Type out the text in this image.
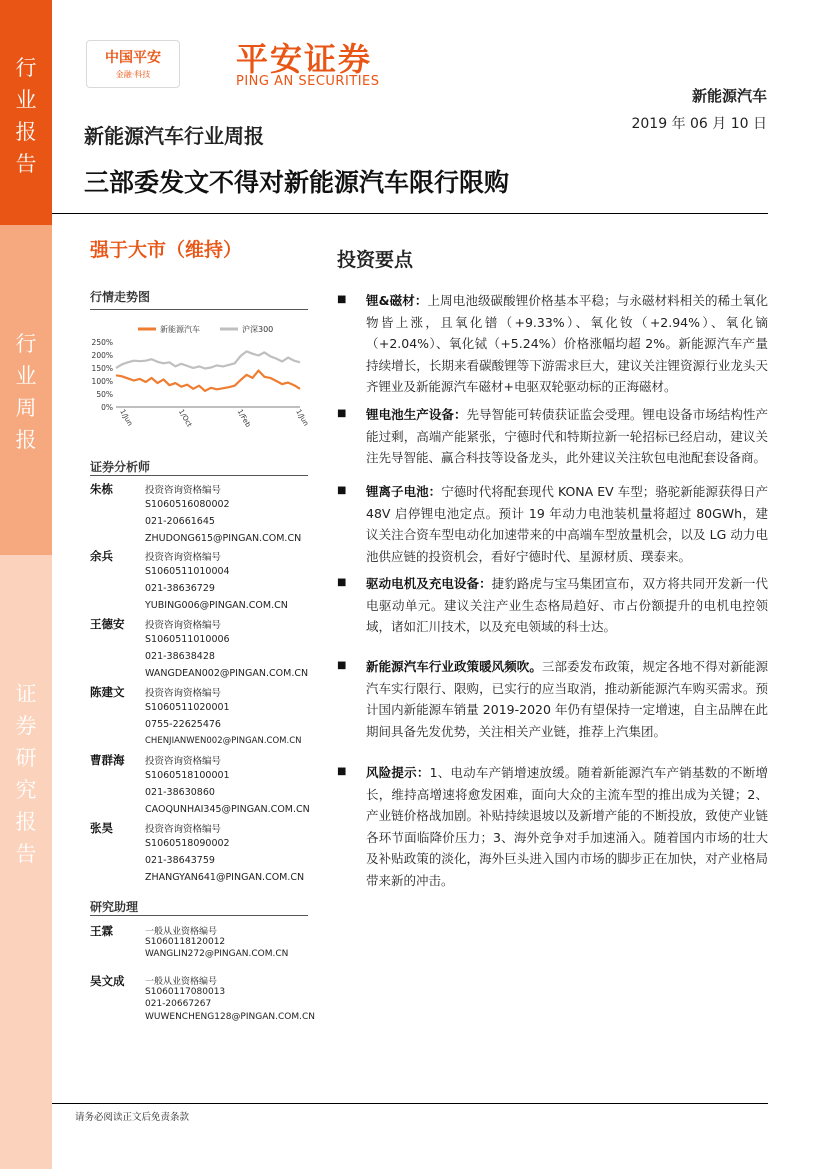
行
业
报
告
行
业
周
报
证
券
研
究
报
告
中国平安
金融·科技	平安证券
PING AN SECURITIES
新能源汽车
新能源汽车行业周报	2019 年 06 月 10 日
三部委发文不得对新能源汽车限行限购
强于大市（维持）
行情走势图
新能源汽车	沪深300
250%
200%
150%
100%
50%
0%
1/Jun	1/Oct	1/Feb	1/Jun
证券分析师
朱栋	投资咨询资格编号
S1060516080002
021-20661645
ZHUDONG615@PINGAN.COM.CN
余兵	投资咨询资格编号
S1060511010004
021-38636729
YUBING006@PINGAN.COM.CN
王德安 投资咨询资格编号
S1060511010006
021-38638428
WANGDEAN002@PINGAN.COM.CN
陈建文 投资咨询资格编号
S1060511020001
0755-22625476
CHENJIANWEN002@PINGAN.COM.CN
曹群海 投资咨询资格编号
S1060518100001
021-38630860
CAOQUNHAI345@PINGAN.COM.CN
张昊	投资咨询资格编号
S1060518090002
021-38643759
ZHANGYAN641@PINGAN.COM.CN
研究助理
王霖	一般从业资格编号
S1060118120012
WANGLIN272@PINGAN.COM.CN
吴文成 一般从业资格编号
S1060117080013
021-20667267
WUWENCHENG128@PINGAN.COM.CN
投资要点
■	锂&磁材：上周电池级碳酸锂价格基本平稳；与永磁材料相关的稀土氧化物皆上涨，且氧化镨（+9.33%）、氧化钕（+2.94%）、氧化镝（+2.04%）、氧化铽（+5.24%）价格涨幅均超 2%。新能源汽车产量持续增长，长期来看碳酸锂等下游需求巨大，建议关注锂资源行业龙头天齐锂业及新能源汽车磁材+电驱双轮驱动标的正海磁材。

■	锂电池生产设备：先导智能可转债获证监会受理。锂电设备市场结构性产能过剩，高端产能紧张，宁德时代和特斯拉新一轮招标已经启动，建议关注先导智能、赢合科技等设备龙头，此外建议关注软包电池配套设备商。

■	锂离子电池：宁德时代将配套现代 KONA EV 车型；骆驼新能源获得日产 48V 启停锂电池定点。预计 19 年动力电池装机量将超过 80GWh，建议关注合资车型电动化加速带来的中高端车型放量机会，以及 LG 动力电池供应链的投资机会，看好宁德时代、星源材质、璞泰来。

■	驱动电机及充电设备：捷豹路虎与宝马集团宣布，双方将共同开发新一代电驱动单元。建议关注产业生态格局趋好、市占份额提升的电机电控领域，诸如汇川技术，以及充电领域的科士达。

■	新能源汽车行业政策暖风频吹。三部委发布政策，规定各地不得对新能源汽车实行限行、限购，已实行的应当取消，推动新能源汽车购买需求。预计国内新能源车销量 2019-2020 年仍有望保持一定增速，自主品牌在此期间具备先发优势，关注相关产业链，推荐上汽集团。

■	风险提示：1、电动车产销增速放缓。随着新能源汽车产销基数的不断增长，维持高增速将愈发困难，面向大众的主流车型的推出成为关键；2、产业链价格战加剧。补贴持续退坡以及新增产能的不断投放，致使产业链各环节面临降价压力；3、海外竞争对手加速涌入。随着国内市场的壮大及补贴政策的淡化，海外巨头进入国内市场的脚步正在加快，对产业格局带来新的冲击。

请务必阅读正文后免责条款
